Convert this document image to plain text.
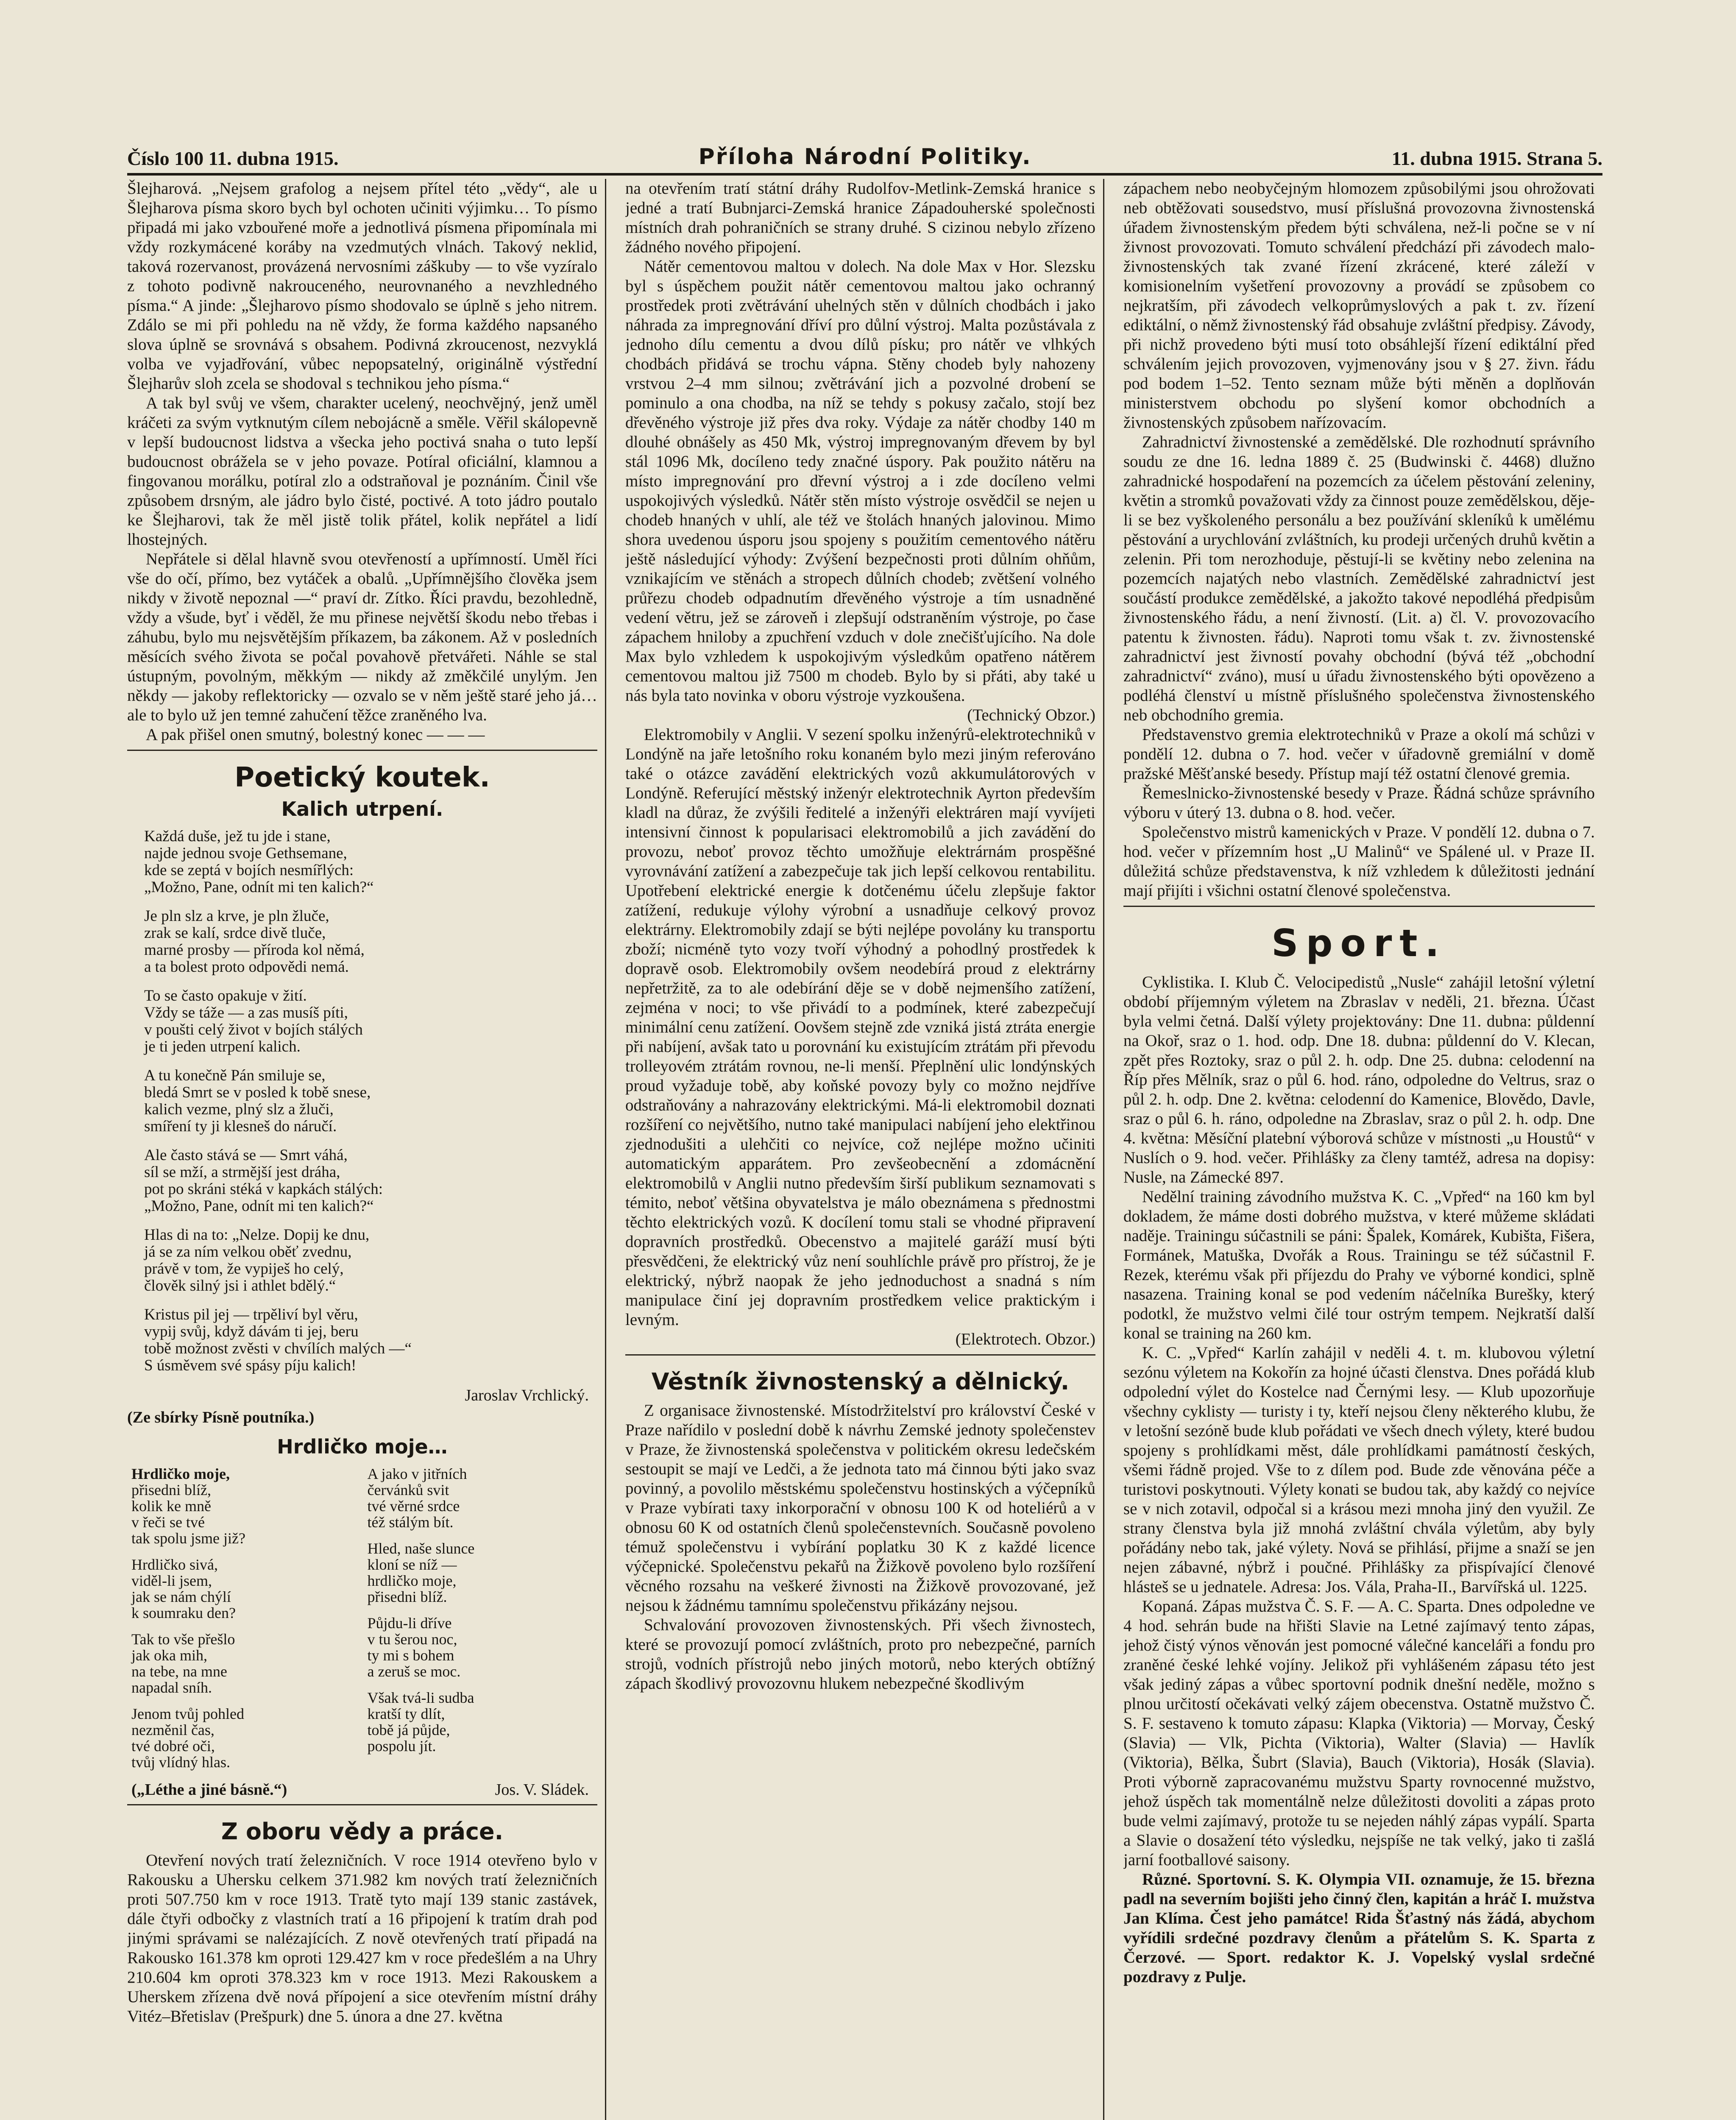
Číslo 100 11. dubna 1915.	Příloha Národní Politiky.	11. dubna 1915. Strana 5.

Šlejharová. „Nejsem grafolog a nejsem přítel této „vědy“, ale u Šlejharova písma skoro bych byl ochoten učiniti výjimku… To písmo připadá mi jako vzbouřené moře a jednotlivá písmena připomínala mi vždy rozkymácené koráby na vzedmutých vlnách. Takový neklid, taková rozervanost, provázená nervosními záškuby — to vše vyzíralo z tohoto podivně nakrouceného, neurovnaného a nevzhledného písma.“ A jinde: „Šlejharovo písmo shodovalo se úplně s jeho nitrem. Zdálo se mi při pohledu na ně vždy, že forma každého napsaného slova úplně se srovnává s obsahem. Podivná zkroucenost, nezvyklá volba ve vyjadřování, vůbec nepopsatelný, originálně výstřední Šlejharův sloh zcela se shodoval s technikou jeho písma.“

A tak byl svůj ve všem, charakter ucelený, neochvějný, jenž uměl kráčeti za svým vytknutým cílem nebojácně a směle. Věřil skálopevně v lepší budoucnost lidstva a všecka jeho poctivá snaha o tuto lepší budoucnost obrážela se v jeho povaze. Potíral oficiální, klamnou a fingovanou morálku, potíral zlo a odstraňoval je poznáním. Činil vše způsobem drsným, ale jádro bylo čisté, poctivé. A toto jádro poutalo ke Šlejharovi, tak že měl jistě tolik přátel, kolik nepřátel a lidí lhostejných.

Nepřátele si dělal hlavně svou otevřeností a upřímností. Uměl říci vše do očí, přímo, bez vytáček a obalů. „Upřímnějšího člověka jsem nikdy v životě nepoznal —“ praví dr. Zítko. Říci pravdu, bezohledně, vždy a všude, byť i věděl, že mu přinese největší škodu nebo třebas i záhubu, bylo mu nejsvětějším příkazem, ba zákonem. Až v posledních měsících svého života se počal povahově přetvářeti. Náhle se stal ústupným, povolným, měkkým — nikdy až změkčilé unylým. Jen někdy — jakoby reflektoricky — ozvalo se v něm ještě staré jeho já… ale to bylo už jen temné zahučení těžce zraněného lva.

A pak přišel onen smutný, bolestný konec — — —

Poetický koutek.
Kalich utrpení.

Každá duše, jež tu jde i stane,

najde jednou svoje Gethsemane,

kde se zeptá v bojích nesmířlých:

„Možno, Pane, odnít mi ten kalich?“

Je pln slz a krve, je pln žluče,

zrak se kalí, srdce divě tluče,

marné prosby — příroda kol němá,

a ta bolest proto odpovědi nemá.

To se často opakuje v žití.

Vždy se táže — a zas musíš píti,

v poušti celý život v bojích stálých

je ti jeden utrpení kalich.

A tu konečně Pán smiluje se,

bledá Smrt se v posled k tobě snese,

kalich vezme, plný slz a žluči,

smíření ty ji klesneš do náručí.

Ale často stává se — Smrt váhá,

síl se mží, a strmější jest dráha,

pot po skráni stéká v kapkách stálých:

„Možno, Pane, odnít mi ten kalich?“

Hlas di na to: „Nelze. Dopij ke dnu,

já se za ním velkou oběť zvednu,

právě v tom, že vypiješ ho celý,

člověk silný jsi i athlet bdělý.“

Kristus pil jej — trpěliví byl věru,

vypij svůj, když dávám ti jej, beru

tobě možnost zvěsti v chvílích malých —“

S úsměvem své spásy píju kalich!

Jaroslav Vrchlický.
(Ze sbírky Písně poutníka.)
Hrdličko moje…

Hrdličko moje,

přisedni blíž,

kolik ke mně

v řeči se tvé

tak spolu jsme již?

Hrdličko sivá,

viděl-li jsem,

jak se nám chýlí

k soumraku den?

Tak to vše přešlo

jak oka mih,

na tebe, na mne

napadal sníh.

Jenom tvůj pohled

nezměnil čas,

tvé dobré oči,

tvůj vlídný hlas.

A jako v jitřních

červánků svit

tvé věrné srdce

též stálým bít.

Hled, naše slunce

kloní se níž —

hrdličko moje,

přisedni blíž.

Půjdu-li dříve

v tu šerou noc,

ty mi s bohem

a zeruš se moc.

Však tvá-li sudba

kratší ty dlít,

tobě já půjde,

pospolu jít.

(„Léthe a jiné básně.“)	Jos. V. Sládek.
Z oboru vědy a práce.

Otevření nových tratí železničních. V roce 1914 otevřeno bylo v Rakousku a Uhersku celkem 371.982 km nových tratí železničních proti 507.750 km v roce 1913. Tratě tyto mají 139 stanic zastávek, dále čtyři odbočky z vlastních tratí a 16 připojení k tratím drah pod jinými správami se nalézajících. Z nově otevřených tratí připadá na Rakousko 161.378 km oproti 129.427 km v roce předešlém a na Uhry 210.604 km oproti 378.323 km v roce 1913. Mezi Rakouskem a Uherskem zřízena dvě nová přípojení a sice otevřením místní dráhy Vitéz–Břetislav (Prešpurk) dne 5. února a dne 27. května

na otevřením tratí státní dráhy Rudolfov-Metlink-Zemská hranice s jedné a tratí Bubnjarci-Zemská hranice Západouherské společnosti místních drah pohraničních se strany druhé. S cizinou nebylo zřízeno žádného nového připojení.

Nátěr cementovou maltou v dolech. Na dole Max v Hor. Slezsku byl s úspěchem použit nátěr cementovou maltou jako ochranný prostředek proti zvětrávání uhelných stěn v důlních chodbách i jako náhrada za impregnování dříví pro důlní výstroj. Malta pozůstávala z jednoho dílu cementu a dvou dílů písku; pro nátěr ve vlhkých chodbách přidává se trochu vápna. Stěny chodeb byly nahozeny vrstvou 2–4 mm silnou; zvětrávání jich a pozvolné drobení se pominulo a ona chodba, na níž se tehdy s pokusy začalo, stojí bez dřevěného výstroje již přes dva roky. Výdaje za nátěr chodby 140 m dlouhé obnášely as 450 Mk, výstroj impregnovaným dřevem by byl stál 1096 Mk, docíleno tedy značné úspory. Pak použito nátěru na místo impregnování pro dřevní výstroj a i zde docíleno velmi uspokojivých výsledků. Nátěr stěn místo výstroje osvědčil se nejen u chodeb hnaných v uhlí, ale též ve štolách hnaných jalovinou. Mimo shora uvedenou úsporu jsou spojeny s použitím cementového nátěru ještě následující výhody: Zvýšení bezpečnosti proti důlním ohňům, vznikajícím ve stěnách a stropech důlních chodeb; zvětšení volného průřezu chodeb odpadnutím dřevěného výstroje a tím usnadněné vedení větru, jež se zároveň i zlepšují odstraněním výstroje, po čase zápachem hniloby a zpuchření vzduch v dole znečišťujícího. Na dole Max bylo vzhledem k uspokojivým výsledkům opatřeno nátěrem cementovou maltou již 7500 m chodeb. Bylo by si přáti, aby také u nás byla tato novinka v oboru výstroje vyzkoušena.

(Technický Obzor.)

Elektromobily v Anglii. V sezení spolku inženýrů-elektrotechniků v Londýně na jaře letošního roku konaném bylo mezi jiným referováno také o otázce zavádění elektrických vozů akkumulátorových v Londýně. Referující městský inženýr elektrotechnik Ayrton především kladl na důraz, že zvýšili ředitelé a inženýři elektráren mají vyvíjeti intensivní činnost k popularisaci elektromobilů a jich zavádění do provozu, neboť provoz těchto umožňuje elektrárnám prospěšné vyrovnávání zatížení a zabezpečuje tak jich lepší celkovou rentabilitu. Upotřebení elektrické energie k dotčenému účelu zlepšuje faktor zatížení, redukuje výlohy výrobní a usnadňuje celkový provoz elektrárny. Elektromobily zdají se býti nejlépe povolány ku transportu zboží; nicméně tyto vozy tvoří výhodný a pohodlný prostředek k dopravě osob. Elektromobily ovšem neodebírá proud z elektrárny nepřetržitě, za to ale odebírání děje se v době nejmenšího zatížení, zejména v noci; to vše přivádí to a podmínek, které zabezpečují minimální cenu zatížení. Oovšem stejně zde vzniká jistá ztráta energie při nabíjení, avšak tato u porovnání ku existujícím ztrátám při převodu trolleyovém ztrátám rovnou, ne-li menší. Přeplnění ulic londýnských proud vyžaduje tobě, aby koňské povozy byly co možno nejdříve odstraňovány a nahrazovány elektrickými. Má-li elektromobil doznati rozšíření co největšího, nutno také manipulaci nabíjení jeho elektřinou zjednodušiti a ulehčiti co nejvíce, což nejlépe možno učiniti automatickým apparátem. Pro zevšeobecnění a zdomácnění elektromobilů v Anglii nutno především širší publikum seznamovati s témito, neboť většina obyvatelstva je málo obeznámena s přednostmi těchto elektrických vozů. K docílení tomu stali se vhodné připravení dopravních prostředků. Obecenstvo a majitelé garáží musí býti přesvědčeni, že elektrický vůz není souhlíchle právě pro přístroj, že je elektrický, nýbrž naopak že jeho jednoduchost a snadná s ním manipulace činí jej dopravním prostředkem velice praktickým i levným.

(Elektrotech. Obzor.)

Věstník živnostenský a dělnický.

Z organisace živnostenské. Místodržitelství pro království České v Praze nařídilo v poslední době k návrhu Zemské jednoty společenstev v Praze, že živnostenská společenstva v politickém okresu ledečském sestoupit se mají ve Ledči, a že jednota tato má činnou býti jako svaz povinný, a povolilo městskému společenstvu hostinských a výčepníků v Praze vybírati taxy inkorporační v obnosu 100 K od hoteliérů a v obnosu 60 K od ostatních členů společenstevních. Současně povoleno témuž společenstvu i vybírání poplatku 30 K z každé licence výčepnické. Společenstvu pekařů na Žižkově povoleno bylo rozšíření věcného rozsahu na veškeré živnosti na Žižkově provozované, jež nejsou k žádnému tamnímu společenstvu přikázány nejsou.

Schvalování provozoven živnostenských. Při všech živnostech, které se provozují pomocí zvláštních, proto pro nebezpečné, parních strojů, vodních přístrojů nebo jiných motorů, nebo kterých obtížný zápach škodlivý provozovnu hlukem nebezpečné škodlivým

zápachem nebo neobyčejným hlomozem způsobilými jsou ohrožovati neb obtěžovati sousedstvo, musí příslušná provozovna živnostenská úřadem živnostenským předem býti schválena, než-li počne se v ní živnost provozovati. Tomuto schválení předchází při závodech malo-živnostenských tak zvané řízení zkrácené, které záleží v komisionelním vyšetření provozovny a provádí se způsobem co nejkratším, při závodech velkoprůmyslových a pak t. zv. řízení ediktální, o němž živnostenský řád obsahuje zvláštní předpisy. Závody, při nichž provedeno býti musí toto obsáhlejší řízení ediktální před schválením jejich provozoven, vyjmenovány jsou v § 27. živn. řádu pod bodem 1–52. Tento seznam může býti měněn a doplňován ministerstvem obchodu po slyšení komor obchodních a živnostenských způsobem nařízovacím.

Zahradnictví živnostenské a zemědělské. Dle rozhodnutí správního soudu ze dne 16. ledna 1889 č. 25 (Budwinski č. 4468) dlužno zahradnické hospodaření na pozemcích za účelem pěstování zeleniny, květin a stromků považovati vždy za činnost pouze zemědělskou, děje-li se bez vyškoleného personálu a bez používání skleníků k umělému pěstování a urychlování zvláštních, ku prodeji určených druhů květin a zelenin. Při tom nerozhoduje, pěstují-li se květiny nebo zelenina na pozemcích najatých nebo vlastních. Zemědělské zahradnictví jest součástí produkce zemědělské, a jakožto takové nepodléhá předpisům živnostenského řádu, a není živností. (Lit. a) čl. V. provozovacího patentu k živnosten. řádu). Naproti tomu však t. zv. živnostenské zahradnictví jest živností povahy obchodní (bývá též „obchodní zahradnictví“ zváno), musí u úřadu živnostenského býti opovězeno a podléhá členství u místně příslušného společenstva živnostenského neb obchodního gremia.

Představenstvo gremia elektrotechniků v Praze a okolí má schůzi v pondělí 12. dubna o 7. hod. večer v úřadovně gremiální v domě pražské Měšťanské besedy. Přístup mají též ostatní členové gremia.

Řemeslnicko-živnostenské besedy v Praze. Řádná schůze správního výboru v úterý 13. dubna o 8. hod. večer.

Společenstvo mistrů kamenických v Praze. V pondělí 12. dubna o 7. hod. večer v přízemním host „U Malinů“ ve Spálené ul. v Praze II. důležitá schůze představenstva, k níž vzhledem k důležitosti jednání mají přijíti i všichni ostatní členové společenstva.

Sport.

Cyklistika. I. Klub Č. Velocipedistů „Nusle“ zahájil letošní výletní období příjemným výletem na Zbraslav v neděli, 21. března. Účast byla velmi četná. Další výlety projektovány: Dne 11. dubna: půldenní na Okoř, sraz o 1. hod. odp. Dne 18. dubna: půldenní do V. Klecan, zpět přes Roztoky, sraz o půl 2. h. odp. Dne 25. dubna: celodenní na Říp přes Mělník, sraz o půl 6. hod. ráno, odpoledne do Veltrus, sraz o půl 2. h. odp. Dne 2. května: celodenní do Kamenice, Blovědo, Davle, sraz o půl 6. h. ráno, odpoledne na Zbraslav, sraz o půl 2. h. odp. Dne 4. května: Měsíční platební výborová schůze v místnosti „u Houstů“ v Nuslích o 9. hod. večer. Přihlášky za členy tamtéž, adresa na dopisy: Nusle, na Zámecké 897.

Nedělní training závodního mužstva K. C. „Vpřed“ na 160 km byl dokladem, že máme dosti dobrého mužstva, v které můžeme skládati naděje. Trainingu súčastnili se páni: Špalek, Komárek, Kubišta, Fišera, Formánek, Matuška, Dvořák a Rous. Trainingu se též súčastnil F. Rezek, kterému však při příjezdu do Prahy ve výborné kondici, splně nasazena. Training konal se pod vedením náčelníka Burešky, který podotkl, že mužstvo velmi čilé tour ostrým tempem. Nejkratší další konal se training na 260 km.

K. C. „Vpřed“ Karlín zahájil v neděli 4. t. m. klubovou výletní sezónu výletem na Kokořín za hojné účasti členstva. Dnes pořádá klub odpolední výlet do Kostelce nad Černými lesy. — Klub upozorňuje všechny cyklisty — turisty i ty, kteří nejsou členy některého klubu, že v letošní sezóně bude klub pořádati ve všech dnech výlety, které budou spojeny s prohlídkami měst, dále prohlídkami památností českých, všemi řádně projed. Vše to z dílem pod. Bude zde věnována péče a turistovi poskytnouti. Výlety konati se budou tak, aby každý co nejvíce se v nich zotavil, odpočal si a krásou mezi mnoha jiný den využil. Ze strany členstva byla již mnohá zvláštní chvála výletům, aby byly pořádány nebo tak, jaké výlety. Nová se přihlásí, přijme a snaží se jen nejen zábavné, nýbrž i poučné. Přihlášky za přispívající členové hlásteš se u jednatele. Adresa: Jos. Vála, Praha-II., Barvířská ul. 1225.

Kopaná. Zápas mužstva Č. S. F. — A. C. Sparta. Dnes odpoledne ve 4 hod. sehrán bude na hřišti Slavie na Letné zajímavý tento zápas, jehož čistý výnos věnován jest pomocné válečné kanceláři a fondu pro zraněné české lehké vojíny. Jelikož při vyhlášeném zápasu této jest však jediný zápas a vůbec sportovní podnik dnešní neděle, možno s plnou určitostí očekávati velký zájem obecenstva. Ostatně mužstvo Č. S. F. sestaveno k tomuto zápasu: Klapka (Viktoria) — Morvay, Český (Slavia) — Vlk, Pichta (Viktoria), Walter (Slavia) — Havlík (Viktoria), Bělka, Šubrt (Slavia), Bauch (Viktoria), Hosák (Slavia). Proti výborně zapracovanému mužstvu Sparty rovnocenné mužstvo, jehož úspěch tak momentálně nelze důležitosti dovoliti a zápas proto bude velmi zajímavý, protože tu se nejeden náhlý zápas vypálí. Sparta a Slavie o dosažení této výsledku, nejspíše ne tak velký, jako ti zašlá jarní footballové saisony.

Různé. Sportovní. S. K. Olympia VII. oznamuje, že 15. března padl na severním bojišti jeho činný člen, kapitán a hráč I. mužstva Jan Klíma. Čest jeho památce! Rida Šťastný nás žádá, abychom vyřídili srdečné pozdravy členům a přátelům S. K. Sparta z Čerzové. — Sport. redaktor K. J. Vopelský vyslal srdečné pozdravy z Pulje.
